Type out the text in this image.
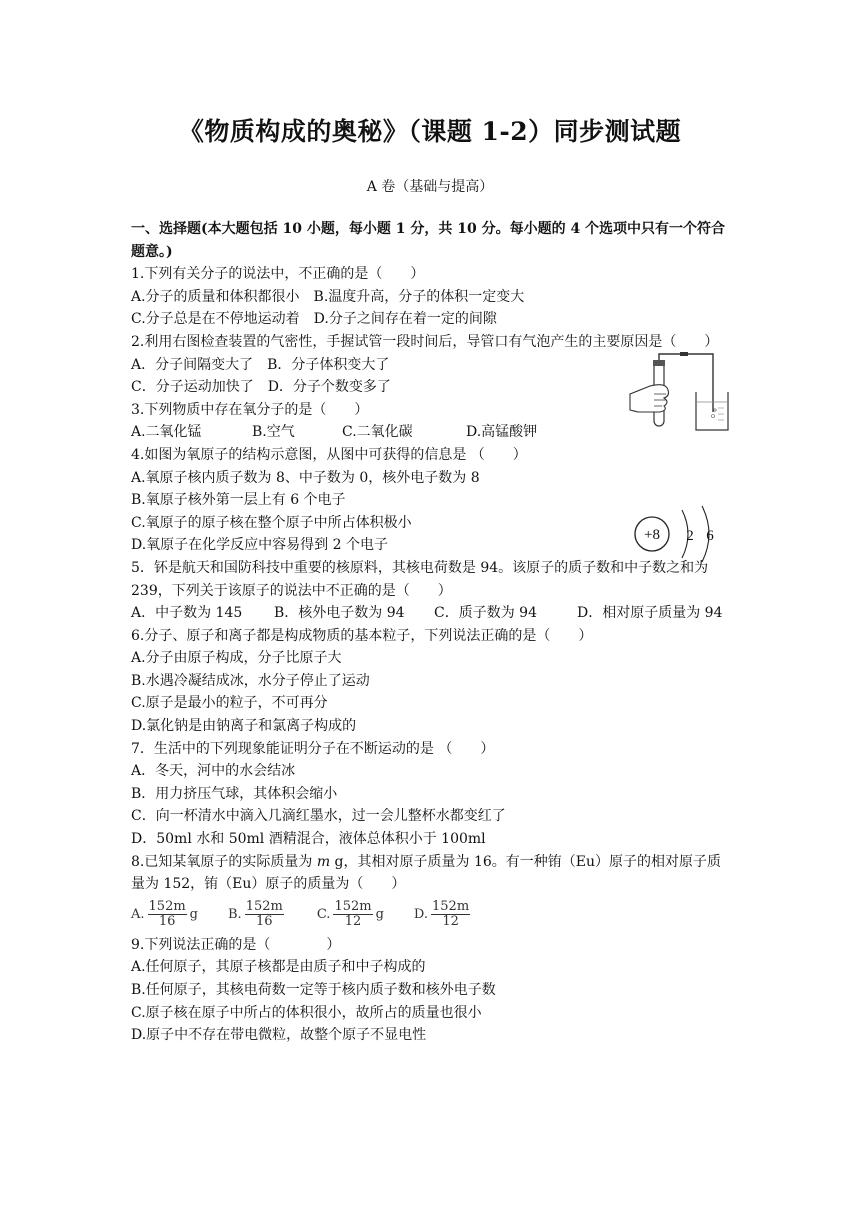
《物质构成的奥秘》（课题 1-2）同步测试题
A 卷（基础与提高）
一、选择题(本大题包括 10 小题，每小题 1 分，共 10 分。每小题的 4 个选项中只有一个符合题意。)
1.下列有关分子的说法中，不正确的是（　　）
A.分子的质量和体积都很小　B.温度升高，分子的体积一定变大
C.分子总是在不停地运动着　D.分子之间存在着一定的间隙
2.利用右图检查装置的气密性，手握试管一段时间后，导管口有气泡产生的主要原因是（　　）
A．分子间隔变大了　B．分子体积变大了
C．分子运动加快了　D．分子个数变多了
3.下列物质中存在氧分子的是（　　）
A.二氧化锰	B.空气	C.二氧化碳	D.高锰酸钾
4.如图为氧原子的结构示意图，从图中可获得的信息是 （　　）
A.氧原子核内质子数为 8、中子数为 0，核外电子数为 8
B.氧原子核外第一层上有 6 个电子
C.氧原子的原子核在整个原子中所占体积极小
D.氧原子在化学反应中容易得到 2 个电子
5．钚是航天和国防科技中重要的核原料，其核电荷数是 94。该原子的质子数和中子数之和为 239，下列关于该原子的说法中不正确的是（　　）
A．中子数为 145 B．核外电子数为 94 C．质子数为 94	D．相对原子质量为 94
6.分子、原子和离子都是构成物质的基本粒子，下列说法正确的是（　　）
A.分子由原子构成，分子比原子大
B.水遇冷凝结成冰，水分子停止了运动
C.原子是最小的粒子，不可再分
D.氯化钠是由钠离子和氯离子构成的
7．生活中的下列现象能证明分子在不断运动的是 （　　）
A．冬天，河中的水会结冰
B．用力挤压气球，其体积会缩小
C．向一杯清水中滴入几滴红墨水，过一会儿整杯水都变红了
D．50ml 水和 50ml 酒精混合，液体总体积小于 100ml
8.已知某氧原子的实际质量为 m g，其相对原子质量为 16。有一种铕（Eu）原子的相对原子质量为 152，铕（Eu）原子的质量为（　　）
A. $\frac{152m}{16}$ g B. $\frac{152m}{16}$	C. $\frac{152m}{12}$ g D. $\frac{152m}{12}$
9.下列说法正确的是（　　　　）
A.任何原子，其原子核都是由质子和中子构成的
B.任何原子，其核电荷数一定等于核内质子数和核外电子数
C.原子核在原子中所占的体积很小，故所占的质量也很小
D.原子中不存在带电微粒，故整个原子不显电性
+8 2 6
